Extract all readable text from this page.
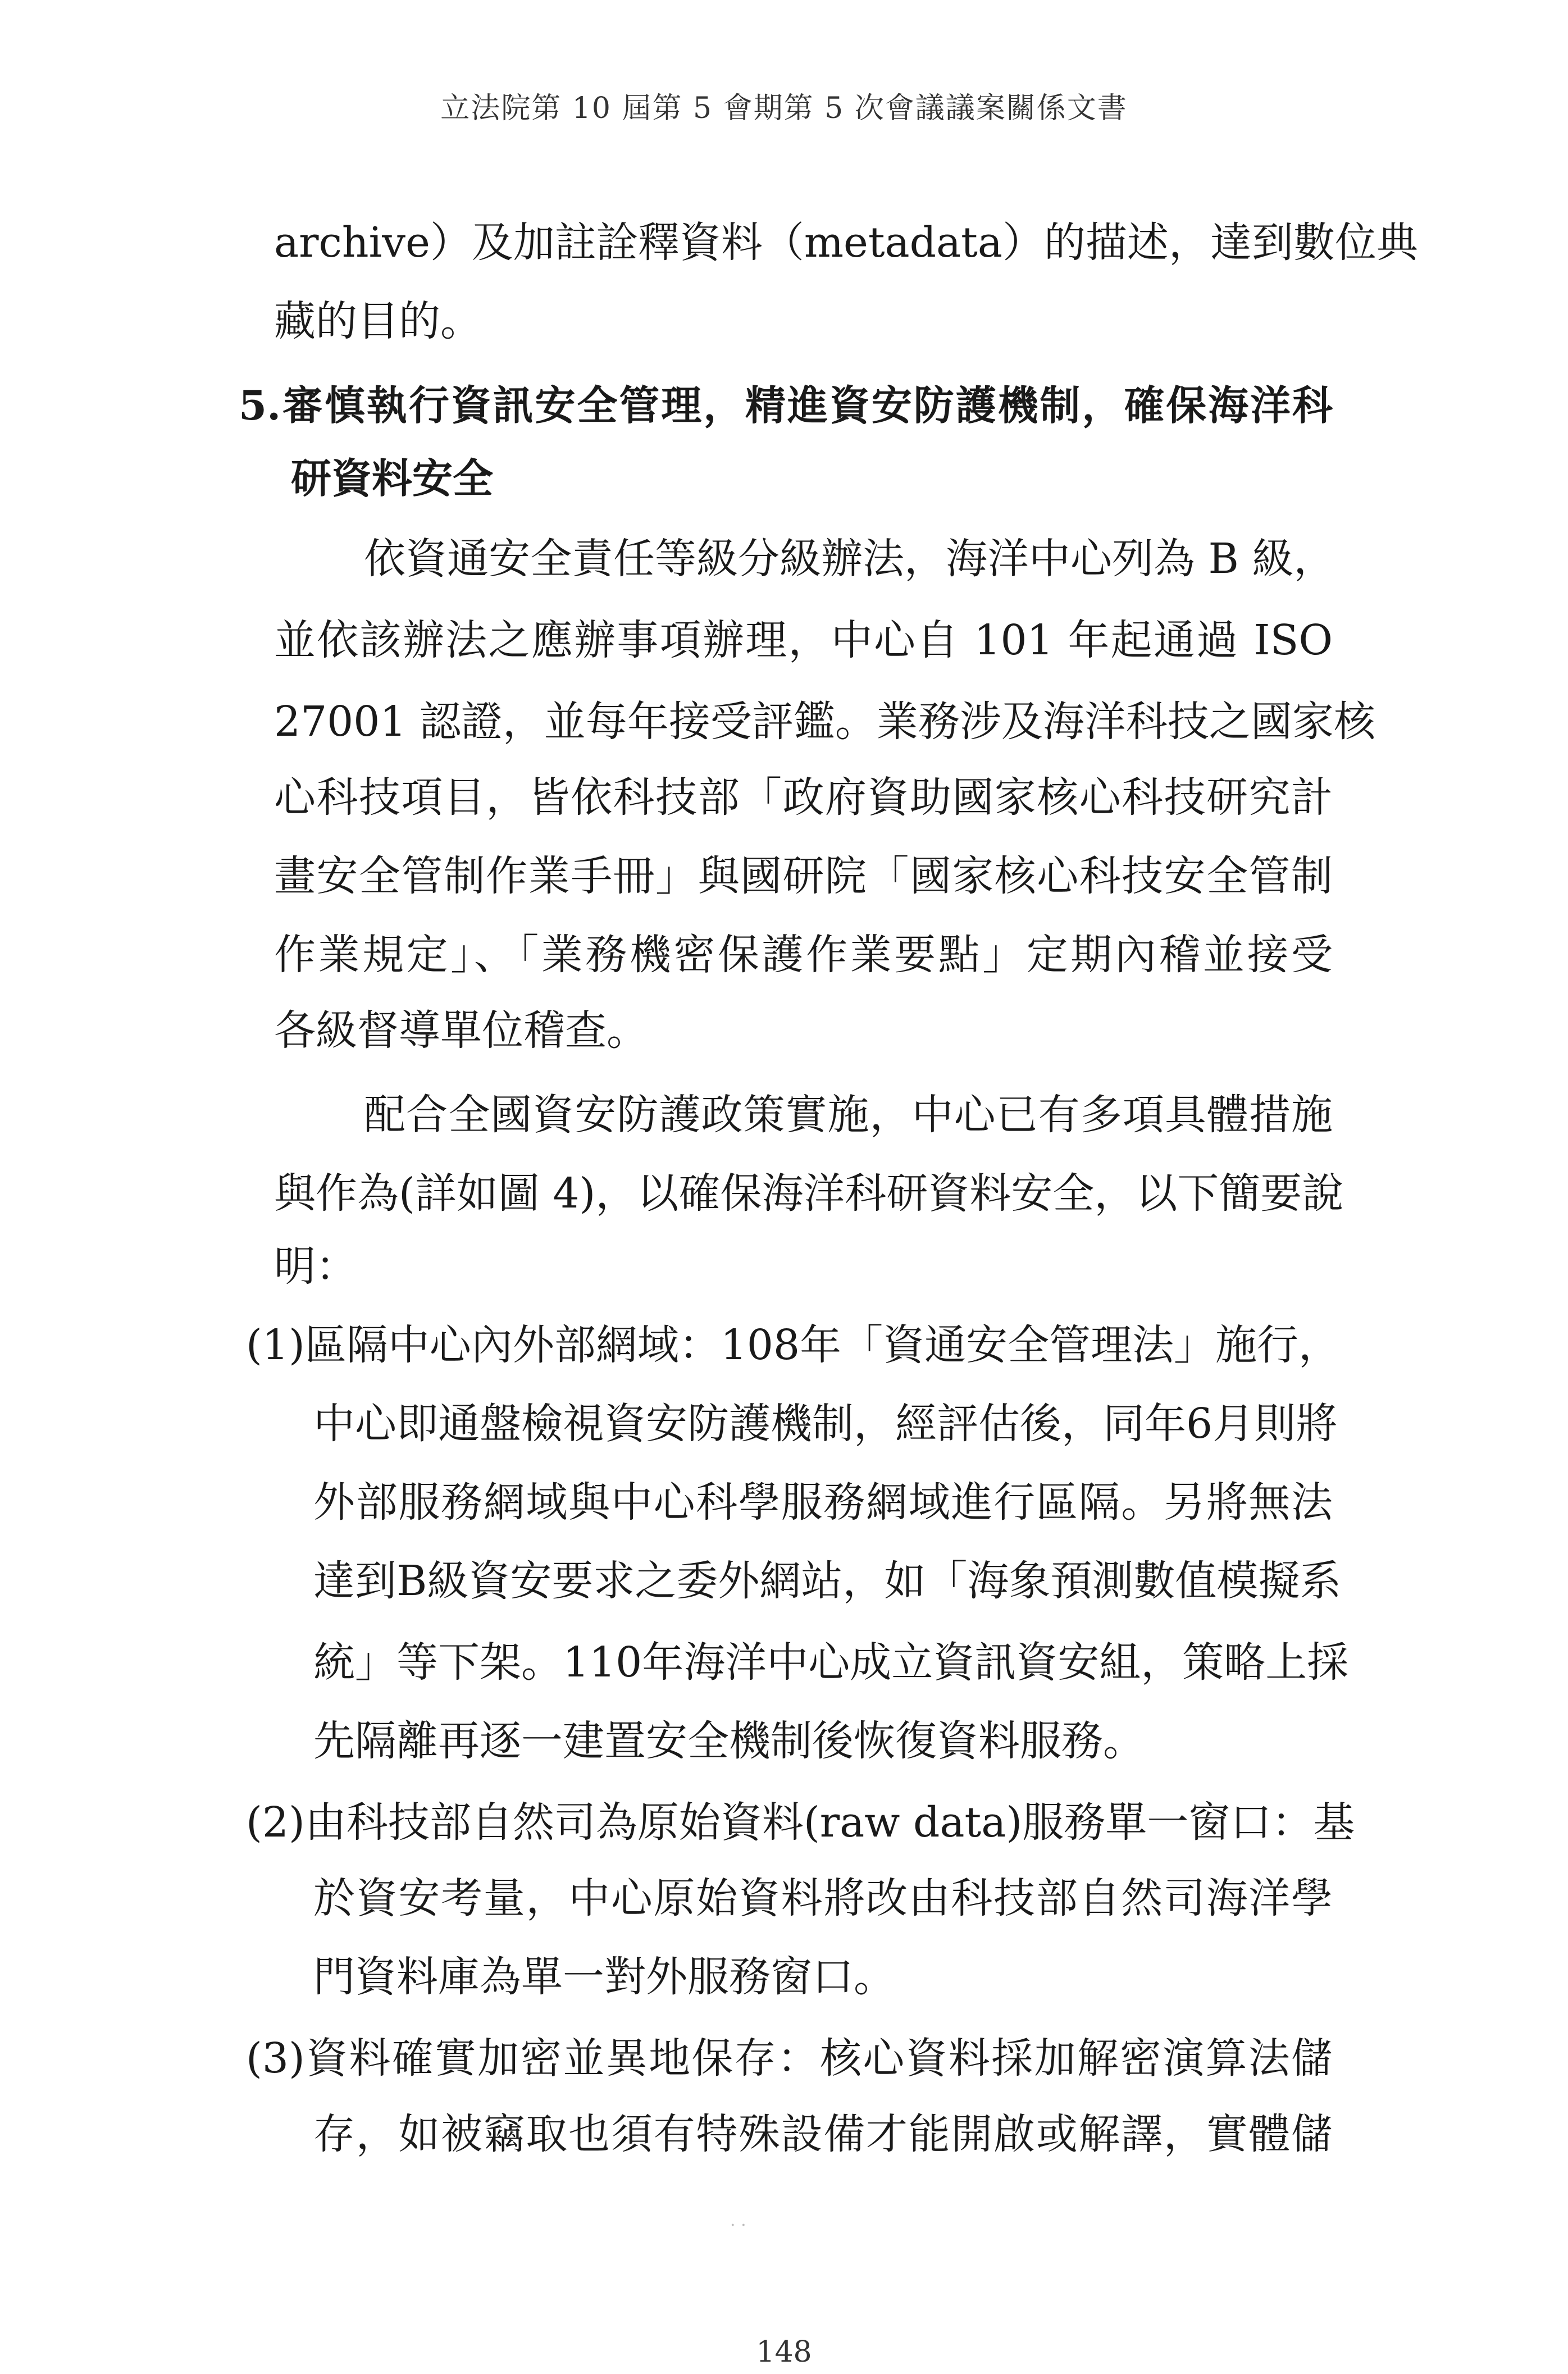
立法院第 10 屆第 5 會期第 5 次會議議案關係文書
archive）及加註詮釋資料（metadata）的描述，達到數位典
藏的目的。
5.審慎執行資訊安全管理，精進資安防護機制，確保海洋科
研資料安全
依資通安全責任等級分級辦法，海洋中心列為 B 級，
並依該辦法之應辦事項辦理，中心自 101 年起通過 ISO
27001 認證，並每年接受評鑑。業務涉及海洋科技之國家核
心科技項目，皆依科技部「政府資助國家核心科技研究計
畫安全管制作業手冊」與國研院「國家核心科技安全管制
作業規定」、「業務機密保護作業要點」定期內稽並接受
各級督導單位稽查。
配合全國資安防護政策實施，中心已有多項具體措施
與作為(詳如圖 4)，以確保海洋科研資料安全，以下簡要說
明：
(1)區隔中心內外部網域：108年「資通安全管理法」施行，
中心即通盤檢視資安防護機制，經評估後，同年6月則將
外部服務網域與中心科學服務網域進行區隔。另將無法
達到B級資安要求之委外網站，如「海象預測數值模擬系
統」等下架。110年海洋中心成立資訊資安組，策略上採
先隔離再逐一建置安全機制後恢復資料服務。
(2)由科技部自然司為原始資料(raw data)服務單一窗口：基
於資安考量，中心原始資料將改由科技部自然司海洋學
門資料庫為單一對外服務窗口。
(3)資料確實加密並異地保存：核心資料採加解密演算法儲
存，如被竊取也須有特殊設備才能開啟或解譯，實體儲
· ·
148
